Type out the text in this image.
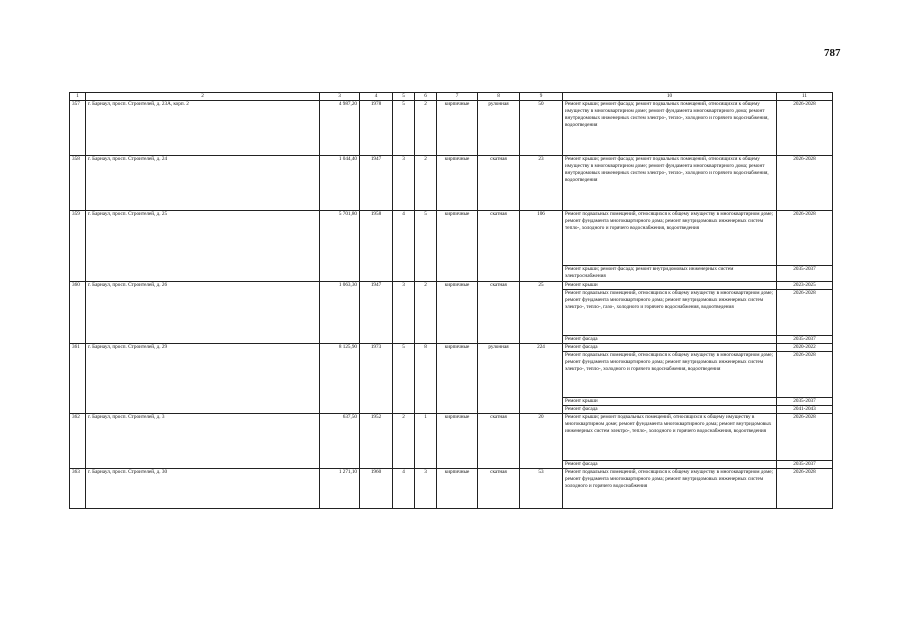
787
1	2	3	4	5	6	7	8	9	10	11
357	г. Барнаул, просп. Строителей, д. 23А, корп. 2	4 987,20	1978	5	2	кирпичные	рулонная	50	Ремонт крыши; ремонт фасада; ремонт подвальных помещений, относящихся к общему имуществу в многоквартирном доме; ремонт фундамента многоквартирного дома; ремонт внутридомовых инженерных систем электро-, тепло-, холодного и горячего водоснабжения, водоотведения	2026-2028
358	г. Барнаул, просп. Строителей, д. 24	1 044,40	1947	3	2	кирпичные	скатная	23	Ремонт крыши; ремонт фасада; ремонт подвальных помещений, относящихся к общему имуществу в многоквартирном доме; ремонт фундамента многоквартирного дома; ремонт внутридомовых инженерных систем электро-, тепло-, холодного и горячего водоснабжения, водоотведения	2026-2028
359	г. Барнаул, просп. Строителей, д. 25	5 701,80	1958	4	5	кирпичные	скатная	106	Ремонт подвальных помещений, относящихся к общему имуществу в многоквартирном доме; ремонт фундамента многоквартирного дома; ремонт внутридомовых инженерных систем тепло-, холодного и горячего водоснабжения, водоотведения	2026-2028
									Ремонт крыши; ремонт фасада; ремонт внутридомовых инженерных систем электроснабжения	2035-2037
360	г. Барнаул, просп. Строителей, д. 26	1 063,30	1947	3	2	кирпичные	скатная	25	Ремонт крыши	2023-2025
									Ремонт подвальных помещений, относящихся к общему имуществу в многоквартирном доме; ремонт фундамента многоквартирного дома; ремонт внутридомовых инженерных систем электро-, тепло-, газо-, холодного и горячего водоснабжения, водоотведения	2026-2028
									Ремонт фасада	2035-2037
361	г. Барнаул, просп. Строителей, д. 29	8 125,90	1973	5	8	кирпичные	рулонная	224	Ремонт фасада	2020-2022
									Ремонт подвальных помещений, относящихся к общему имуществу в многоквартирном доме; ремонт фундамента многоквартирного дома; ремонт внутридомовых инженерных систем электро-, тепло-, холодного и горячего водоснабжения, водоотведения	2026-2028
									Ремонт крыши	2035-2037
									Ремонт фасада	2041-2043
362	г. Барнаул, просп. Строителей, д. 3	637,50	1952	2	1	кирпичные	скатная	20	Ремонт крыши; ремонт подвальных помещений, относящихся к общему имуществу в многоквартирном доме; ремонт фундамента многоквартирного дома; ремонт внутридомовых инженерных систем электро-, тепло-, холодного и горячего водоснабжения, водоотведения	2026-2028
									Ремонт фасада	2035-2037
363	г. Барнаул, просп. Строителей, д. 30	1 271,10	1960	4	3	кирпичные	скатная	53	Ремонт подвальных помещений, относящихся к общему имуществу в многоквартирном доме; ремонт фундамента многоквартирного дома; ремонт внутридомовых инженерных систем холодного и горячего водоснабжения	2026-2028
